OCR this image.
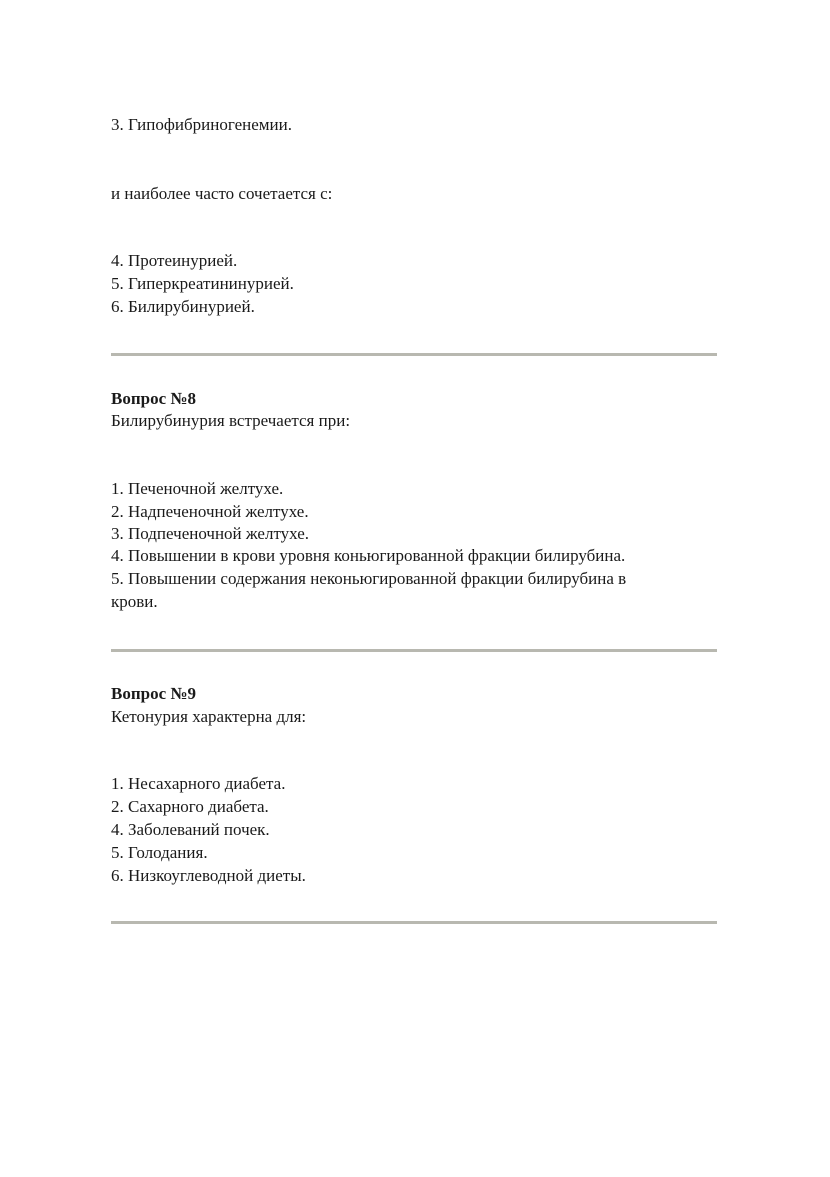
3. Гипофибриногенемии.

и наиболее часто сочетается с:

4. Протеинурией.

5. Гиперкреатининурией.

6. Билирубинурией.

Вопрос №8

Билирубинурия встречается при:

1. Печеночной желтухе.

2. Надпеченочной желтухе.

3. Подпеченочной желтухе.

4. Повышении в крови уровня коньюгированной фракции билирубина.

5. Повышении содержания неконьюгированной фракции билирубина в

крови.

Вопрос №9

Кетонурия характерна для:

1. Несахарного диабета.

2. Сахарного диабета.

4. Заболеваний почек.

5. Голодания.

6. Низкоуглеводной диеты.
